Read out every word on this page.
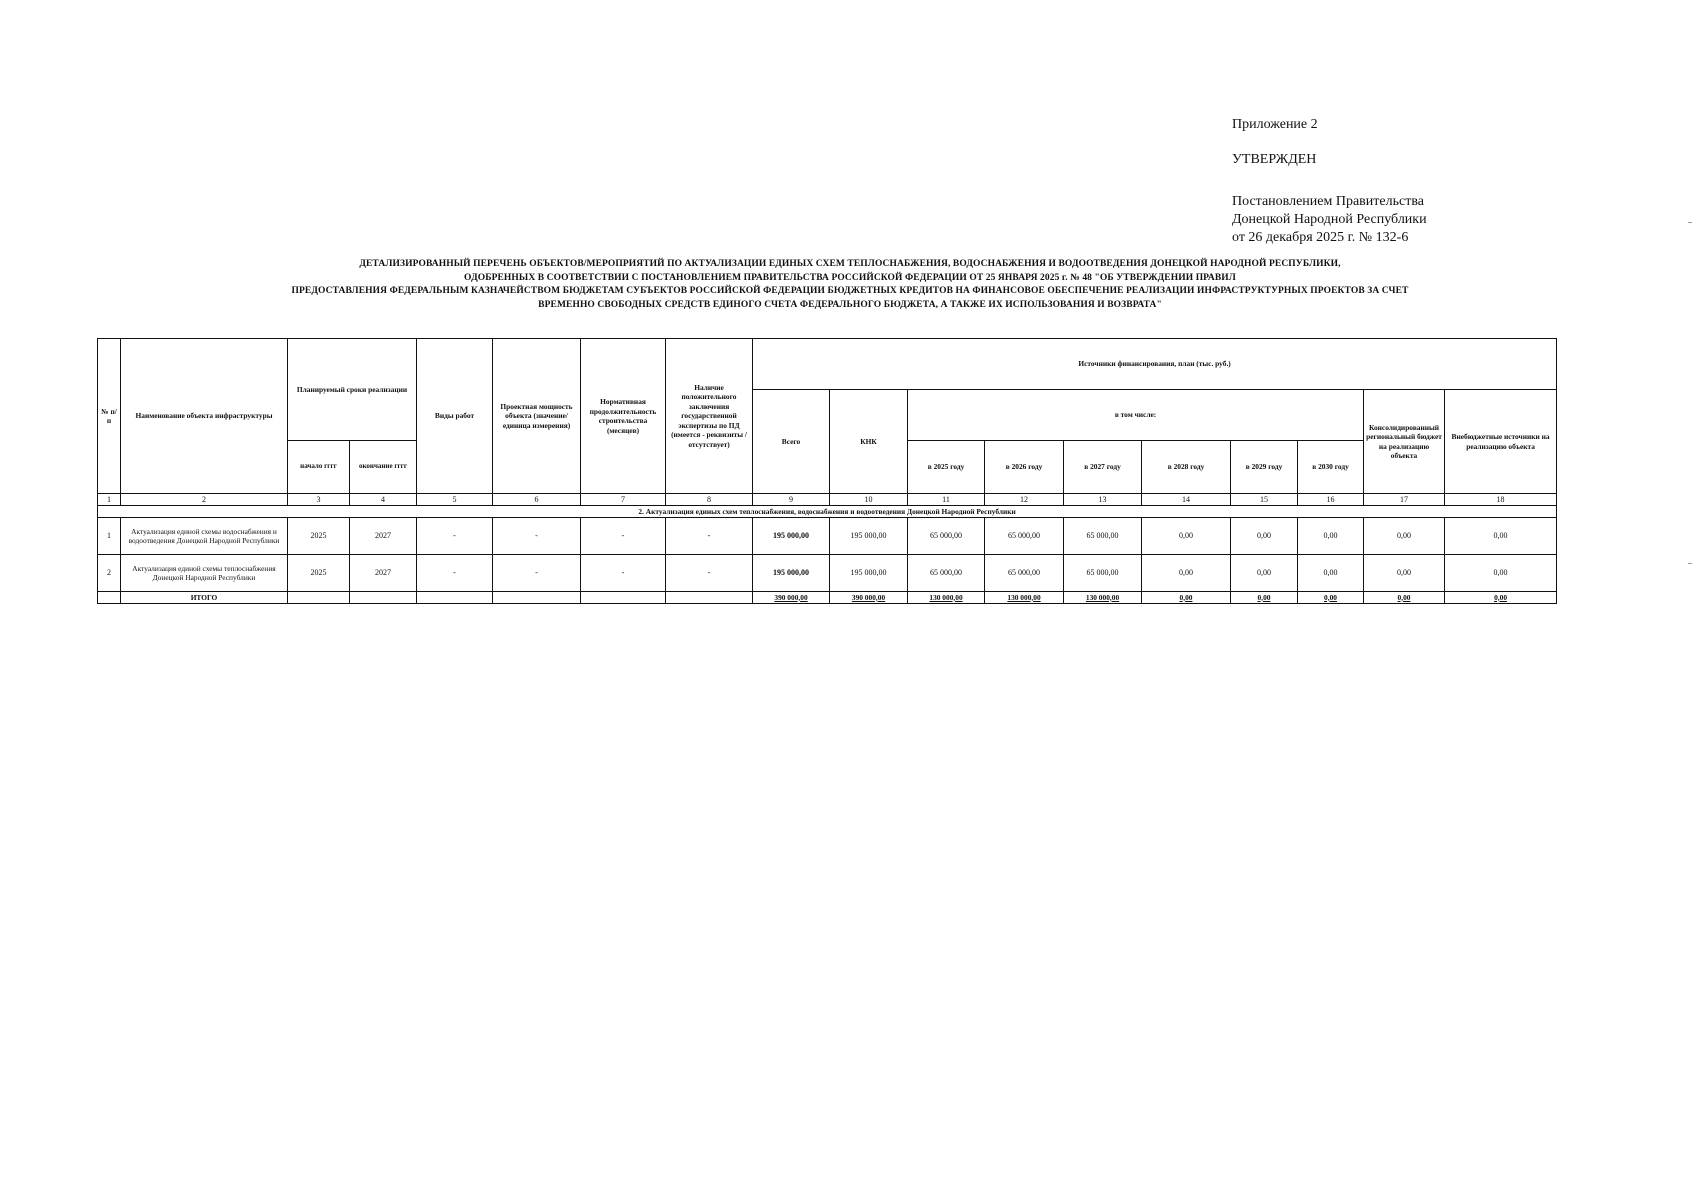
Приложение 2
УТВЕРЖДЕН
Постановлением Правительства
Донецкой Народной Республики
от 26 декабря 2025 г. № 132-6
ДЕТАЛИЗИРОВАННЫЙ ПЕРЕЧЕНЬ ОБЪЕКТОВ/МЕРОПРИЯТИЙ ПО АКТУАЛИЗАЦИИ ЕДИНЫХ СХЕМ ТЕПЛОСНАБЖЕНИЯ, ВОДОСНАБЖЕНИЯ И ВОДООТВЕДЕНИЯ ДОНЕЦКОЙ НАРОДНОЙ РЕСПУБЛИКИ,
ОДОБРЕННЫХ В СООТВЕТСТВИИ С ПОСТАНОВЛЕНИЕМ ПРАВИТЕЛЬСТВА РОССИЙСКОЙ ФЕДЕРАЦИИ ОТ 25 ЯНВАРЯ 2025 г. № 48 "ОБ УТВЕРЖДЕНИИ ПРАВИЛ
ПРЕДОСТАВЛЕНИЯ ФЕДЕРАЛЬНЫМ КАЗНАЧЕЙСТВОМ БЮДЖЕТАМ СУБЪЕКТОВ РОССИЙСКОЙ ФЕДЕРАЦИИ БЮДЖЕТНЫХ КРЕДИТОВ НА ФИНАНСОВОЕ ОБЕСПЕЧЕНИЕ РЕАЛИЗАЦИИ ИНФРАСТРУКТУРНЫХ ПРОЕКТОВ ЗА СЧЕТ
ВРЕМЕННО СВОБОДНЫХ СРЕДСТВ ЕДИНОГО СЧЕТА ФЕДЕРАЛЬНОГО БЮДЖЕТА, А ТАКЖЕ ИХ ИСПОЛЬЗОВАНИЯ И ВОЗВРАТА"
№ п/п	Наименование объекта инфраструктуры	Планируемый сроки реализации		Виды работ	Проектная мощность объекта (значение/единица измерения)	Нормативная продолжительность строительства (месяцев)	Наличие положительного заключения государственной экспертизы по ПД (имеется - реквизиты / отсутствует)	Источники финансирования, план (тыс. руб.)									
								Всего	КНК	в том числе:						Консолидированный региональный бюджет на реализацию объекта	Внебюджетные источники на реализацию объекта
		начало гггг	окончание гггг							в 2025 году	в 2026 году	в 2027 году	в 2028 году	в 2029 году	в 2030 году		
1	2	3	4	5	6	7	8	9	10	11	12	13	14	15	16	17	18
2. Актуализация единых схем теплоснабжения, водоснабжения и водоотведения Донецкой Народной Республики																	
1	Актуализация единой схемы водоснабжения и водоотведения Донецкой Народной Республики	2025	2027	-	-	-	-	195 000,00	195 000,00	65 000,00	65 000,00	65 000,00	0,00	0,00	0,00	0,00	0,00
2	Актуализация единой схемы теплоснабжения Донецкой Народной Республики	2025	2027	-	-	-	-	195 000,00	195 000,00	65 000,00	65 000,00	65 000,00	0,00	0,00	0,00	0,00	0,00
	ИТОГО							390 000,00	390 000,00	130 000,00	130 000,00	130 000,00	0,00	0,00	0,00	0,00	0,00
